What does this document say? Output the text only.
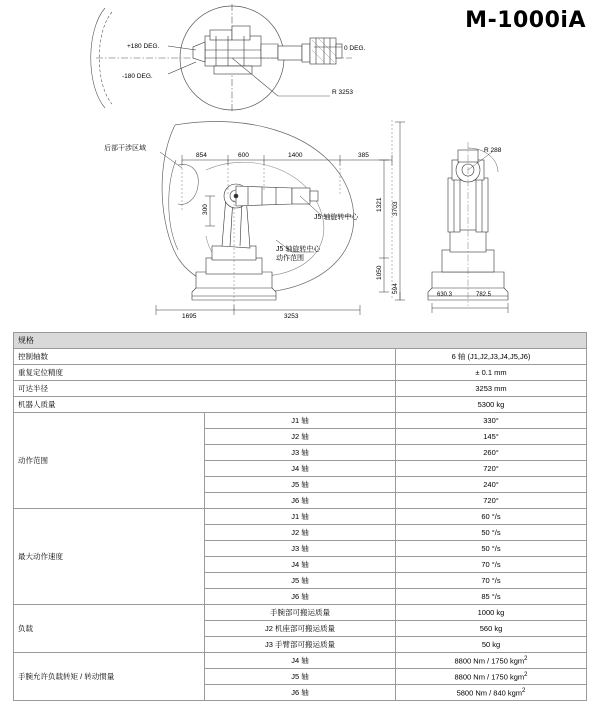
M-1000iA
+180 DEG.
-180 DEG.
0 DEG.
R 3253
后部干涉区域
854	600	1400	385
300	1321 3703
1050
594
1695	3253
J5 轴旋转中心
J5 轴旋转中心
动作范围
R 288
630.3	782.5
规格		
控制轴数		6 轴 (J1,J2,J3,J4,J5,J6)
重复定位精度		± 0.1 mm
可达半径		3253 mm
机器人质量		5300 kg
动作范围	J1 轴	330°
	J2 轴	145°
	J3 轴	260°
	J4 轴	720°
	J5 轴	240°
	J6 轴	720°
最大动作速度	J1 轴	60 °/s
	J2 轴	50 °/s
	J3 轴	50 °/s
	J4 轴	70 °/s
	J5 轴	70 °/s
	J6 轴	85 °/s
负载	手腕部可搬运质量	1000 kg
	J2 机座部可搬运质量	560 kg
	J3 手臂部可搬运质量	50 kg
手腕允许负载转矩 / 转动惯量	J4 轴	8800 Nm / 1750 kgm$^2$
	J5 轴	8800 Nm / 1750 kgm$^2$
	J6 轴	5800 Nm / 840 kgm$^2$
